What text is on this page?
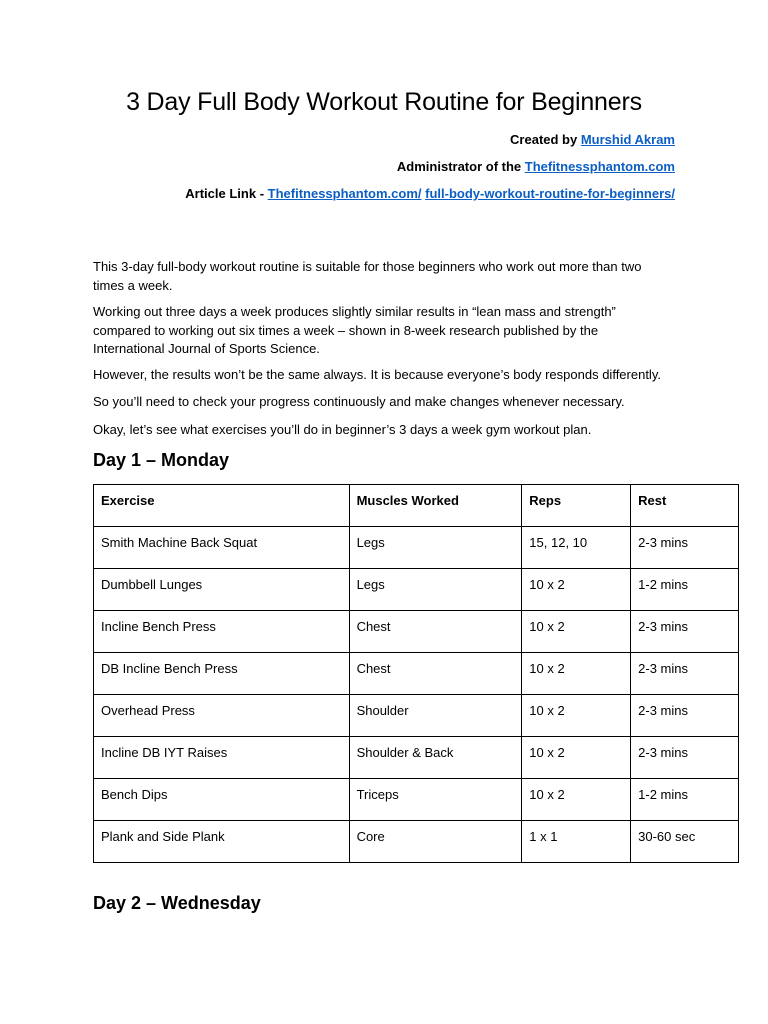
3 Day Full Body Workout Routine for Beginners

Created by Murshid Akram

Administrator of the Thefitnessphantom.com

Article Link - Thefitnessphantom.com/ full-body-workout-routine-for-beginners/

This 3-day full-body workout routine is suitable for those beginners who work out more than two times a week.

Working out three days a week produces slightly similar results in “lean mass and strength” compared to working out six times a week – shown in 8-week research published by the International Journal of Sports Science.

However, the results won’t be the same always. It is because everyone’s body responds differently.

So you’ll need to check your progress continuously and make changes whenever necessary.

Okay, let’s see what exercises you’ll do in beginner’s 3 days a week gym workout plan.

Day 1 – Monday
Exercise	Muscles Worked	Reps	Rest
Smith Machine Back Squat	Legs	15, 12, 10	2-3 mins
Dumbbell Lunges	Legs	10 x 2	1-2 mins
Incline Bench Press	Chest	10 x 2	2-3 mins
DB Incline Bench Press	Chest	10 x 2	2-3 mins
Overhead Press	Shoulder	10 x 2	2-3 mins
Incline DB IYT Raises	Shoulder & Back	10 x 2	2-3 mins
Bench Dips	Triceps	10 x 2	1-2 mins
Plank and Side Plank	Core	1 x 1	30-60 sec
Day 2 – Wednesday
